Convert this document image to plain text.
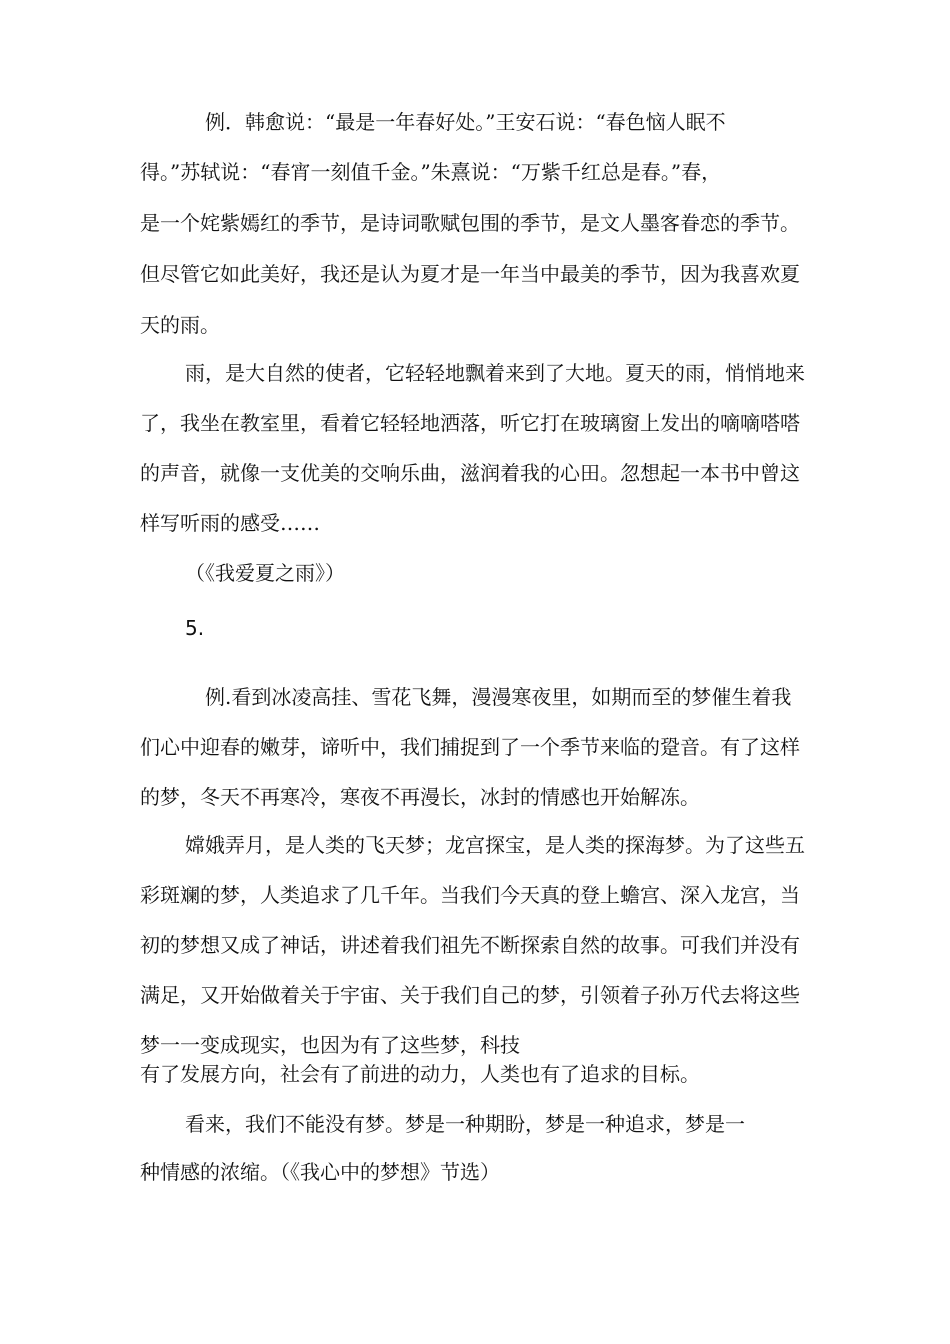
例．韩愈说：“最是一年春好处。”王安石说：“春色恼人眠不
得。”苏轼说：“春宵一刻值千金。”朱熹说：“万紫千红总是春。”春，
是一个姹紫嫣红的季节，是诗词歌赋包围的季节，是文人墨客眷恋的季节。
但尽管它如此美好，我还是认为夏才是一年当中最美的季节，因为我喜欢夏
天的雨。
雨，是大自然的使者，它轻轻地飘着来到了大地。夏天的雨，悄悄地来
了，我坐在教室里，看着它轻轻地洒落，听它打在玻璃窗上发出的嘀嘀嗒嗒
的声音，就像一支优美的交响乐曲，滋润着我的心田。忽想起一本书中曾这
样写听雨的感受……
（《我爱夏之雨》）
5.
例.看到冰凌高挂、雪花飞舞，漫漫寒夜里，如期而至的梦催生着我
们心中迎春的嫩芽，谛听中，我们捕捉到了一个季节来临的跫音。有了这样
的梦，冬天不再寒冷，寒夜不再漫长，冰封的情感也开始解冻。
嫦娥弄月，是人类的飞天梦；龙宫探宝，是人类的探海梦。为了这些五
彩斑斓的梦，人类追求了几千年。当我们今天真的登上蟾宫、深入龙宫，当
初的梦想又成了神话，讲述着我们祖先不断探索自然的故事。可我们并没有
满足，又开始做着关于宇宙、关于我们自己的梦，引领着子孙万代去将这些
梦一一变成现实，也因为有了这些梦，科技
有了发展方向，社会有了前进的动力，人类也有了追求的目标。
看来，我们不能没有梦。梦是一种期盼，梦是一种追求，梦是一
种情感的浓缩。（《我心中的梦想》节选）
